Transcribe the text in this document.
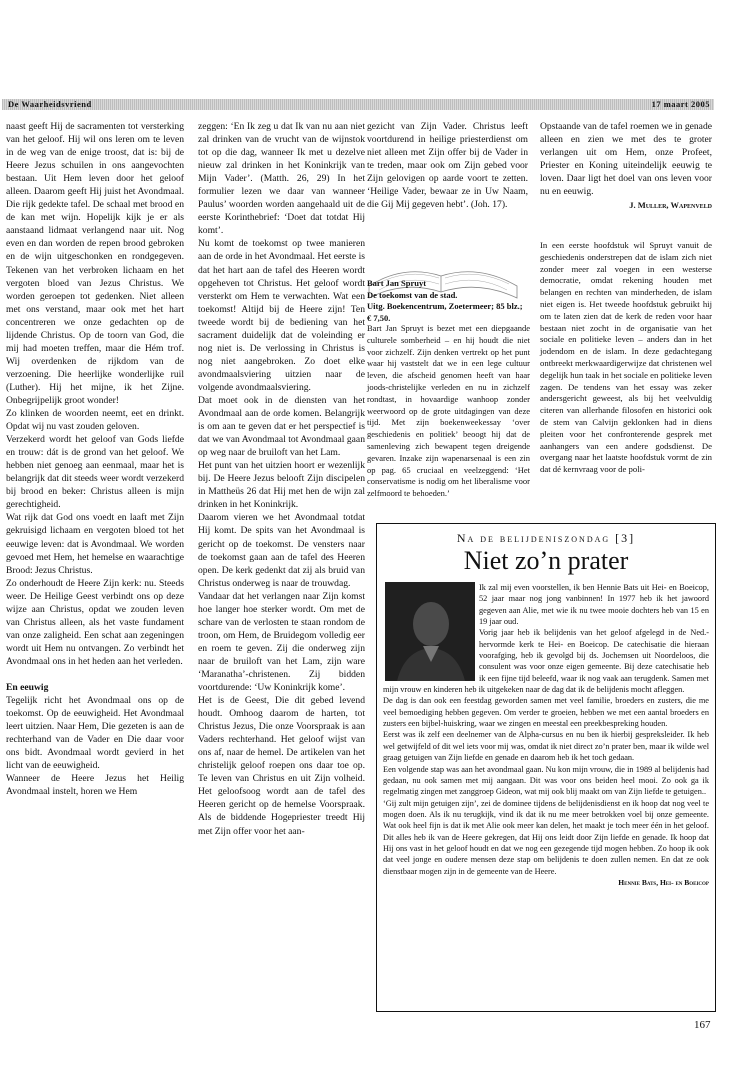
De Waarheidsvriend	17 maart 2005

naast geeft Hij de sacramenten tot versterking van het geloof. Hij wil ons leren om te leven in de weg van de enige troost, dat is: bij de Heere Jezus schuilen in ons aangevochten bestaan. Uit Hem leven door het geloof alleen. Daarom geeft Hij juist het Avondmaal. Die rijk gedekte tafel. De schaal met brood en de kan met wijn. Hopelijk kijk je er als aanstaand lidmaat verlangend naar uit. Nog even en dan worden de repen brood gebroken en de wijn uitgeschonken en rondgegeven. Tekenen van het verbroken lichaam en het vergoten bloed van Jezus Christus. We worden geroepen tot gedenken. Niet alleen met ons verstand, maar ook met het hart concentreren we onze gedachten op de lijdende Christus. Op de toorn van God, die mij had moeten treffen, maar die Hém trof. Wij overdenken de rijkdom van de verzoening. Die heerlijke wonderlijke ruil (Luther). Hij het mijne, ik het Zijne. Onbegrijpelijk groot wonder!

Zo klinken de woorden neemt, eet en drinkt. Opdat wij nu vast zouden geloven.

Verzekerd wordt het geloof van Gods liefde en trouw: dát is de grond van het geloof. We hebben niet genoeg aan eenmaal, maar het is belangrijk dat dit steeds weer wordt verzekerd bij brood en beker: Christus alleen is mijn gerechtigheid.

Wat rijk dat God ons voedt en laaft met Zijn gekruisigd lichaam en vergoten bloed tot het eeuwige leven: dat is Avondmaal. We worden gevoed met Hem, het hemelse en waarachtige Brood: Jezus Christus.

Zo onderhoudt de Heere Zijn kerk: nu. Steeds weer. De Heilige Geest verbindt ons op deze wijze aan Christus, opdat we zouden leven van Christus alleen, als het vaste fundament van onze zaligheid. Een schat aan zegeningen wordt uit Hem nu ontvangen. Zo verbindt het Avondmaal ons in het heden aan het verleden.

En eeuwig

Tegelijk richt het Avondmaal ons op de toekomst. Op de eeuwigheid. Het Avondmaal leert uitzien. Naar Hem, Die gezeten is aan de rechterhand van de Vader en Die daar voor ons bidt. Avondmaal wordt gevierd in het licht van de eeuwigheid.

Wanneer de Heere Jezus het Heilig Avondmaal instelt, horen we Hem

zeggen: ‘En Ik zeg u dat Ik van nu aan niet zal drinken van de vrucht van de wijnstok tot op die dag, wanneer Ik met u dezelve nieuw zal drinken in het Koninkrijk van Mijn Vader’. (Matth. 26, 29) In het formulier lezen we daar van wanneer Paulus’ woorden worden aangehaald uit de eerste Korinthebrief: ‘Doet dat totdat Hij komt’.

Nu komt de toekomst op twee manieren aan de orde in het Avondmaal. Het eerste is dat het hart aan de tafel des Heeren wordt opgeheven tot Christus. Het geloof wordt versterkt om Hem te verwachten. Wat een toekomst! Altijd bij de Heere zijn! Ten tweede wordt bij de bediening van het sacrament duidelijk dat de voleinding er nog niet is. De verlossing in Christus is nog niet aangebroken. Zo doet elke avondmaalsviering uitzien naar de volgende avondmaalsviering.

Dat moet ook in de diensten van het Avondmaal aan de orde komen. Belangrijk is om aan te geven dat er het perspectief is dat we van Avondmaal tot Avondmaal gaan op weg naar de bruiloft van het Lam.

Het punt van het uitzien hoort er wezenlijk bij. De Heere Jezus belooft Zijn discipelen in Mattheüs 26 dat Hij met hen de wijn zal drinken in het Koninkrijk.

Daarom vieren we het Avondmaal totdat Hij komt. De spits van het Avondmaal is gericht op de toekomst. De vensters naar de toekomst gaan aan de tafel des Heeren open. De kerk gedenkt dat zij als bruid van Christus onderweg is naar de trouwdag.

Vandaar dat het verlangen naar Zijn komst hoe langer hoe sterker wordt. Om met de schare van de verlosten te staan rondom de troon, om Hem, de Bruidegom volledig eer en roem te geven. Zij die onderweg zijn naar de bruiloft van het Lam, zijn ware ‘Maranatha’-christenen. Zij bidden voortdurende: ‘Uw Koninkrijk kome’.

Het is de Geest, Die dit gebed levend houdt. Omhoog daarom de harten, tot Christus Jezus, Die onze Voorspraak is aan Vaders rechterhand. Het geloof wijst van ons af, naar de hemel. De artikelen van het christelijk geloof roepen ons daar toe op. Te leven van Christus en uit Zijn volheid. Het geloofsoog wordt aan de tafel des Heeren gericht op de hemelse Voorspraak. Als de biddende Hogepriester treedt Hij met Zijn offer voor het aan-

gezicht van Zijn Vader. Christus leeft voortdurend in heilige priesterdienst om niet alleen met Zijn offer bij de Vader in te treden, maar ook om Zijn gebed voor Zijn gelovigen op aarde voort te zetten. ‘Heilige Vader, bewaar ze in Uw Naam, die Gij Mij gegeven hebt’. (Joh. 17).

Opstaande van de tafel roemen we in genade alleen en zien we met des te groter verlangen uit om Hem, onze Profeet, Priester en Koning uiteindelijk eeuwig te loven. Daar ligt het doel van ons leven voor nu en eeuwig.

J. Muller, Wapenveld

Bart Jan Spruyt

De toekomst van de stad.

Uitg. Boekencentrum, Zoetermeer; 85 blz.;

€ 7,50.

Bart Jan Spruyt is bezet met een diepgaande culturele somberheid – en hij houdt die niet voor zichzelf. Zijn denken vertrekt op het punt waar hij vaststelt dat we in een lege cultuur leven, die afscheid genomen heeft van haar joods-christelijke verleden en nu in zichzelf rondtast, in hovaardige wanhoop zonder weerwoord op de grote uitdagingen van deze tijd. Met zijn boekenweekessay ‘over geschiedenis en politiek’ beoogt hij dat de samenleving zich bewapent tegen dreigende gevaren. Inzake zijn wapenarsenaal is een zin op pag. 65 cruciaal en veelzeggend: ‘Het conservatisme is nodig om het liberalisme voor zelfmoord te behoeden.’

In een eerste hoofdstuk wil Spruyt vanuit de geschiedenis onderstrepen dat de islam zich niet zonder meer zal voegen in een westerse democratie, omdat rekening houden met belangen en rechten van minderheden, de islam niet eigen is. Het tweede hoofdstuk gebruikt hij om te laten zien dat de kerk de reden voor haar bestaan niet zocht in de organisatie van het sociale en politieke leven – anders dan in het jodendom en de islam. In deze gedachtegang ontbreekt merkwaardigerwijze dat christenen wel degelijk hun taak in het sociale en politieke leven zagen. De tendens van het essay was zeker andersgericht geweest, als bij het veelvuldig citeren van allerhande filosofen en historici ook de stem van Calvijn geklonken had in diens pleiten voor het confronterende gesprek met aanhangers van een andere godsdienst. De overgang naar het laatste hoofdstuk vormt de zin dat dé kernvraag voor de poli-

Na de belijdeniszondag [3]
Niet zo’n prater

Ik zal mij even voorstellen, ik ben Hennie Bats uit Hei- en Boeicop, 52 jaar maar nog jong vanbinnen! In 1977 heb ik het jawoord gegeven aan Alie, met wie ik nu twee mooie dochters heb van 15 en 19 jaar oud.

Vorig jaar heb ik belijdenis van het geloof afgelegd in de Ned.-hervormde kerk te Hei- en Boeicop. De catechisatie die hieraan voorafging, heb ik gevolgd bij ds. Jochemsen uit Noordeloos, die consulent was voor onze eigen gemeente. Bij deze catechisatie heb ik een fijne tijd beleefd, waar ik nog vaak aan terugdenk. Samen met mijn vrouw en kinderen heb ik uitgekeken naar de dag dat ik de belijdenis mocht afleggen.

De dag is dan ook een feestdag geworden samen met veel familie, broeders en zusters, die me veel bemoediging hebben gegeven. Om verder te groeien, hebben we met een aantal broeders en zusters een bijbel-huiskring, waar we zingen en meestal een preekbespreking houden.

Eerst was ik zelf een deelnemer van de Alpha-cursus en nu ben ik hierbij gespreksleider. Ik heb wel getwijfeld of dit wel iets voor mij was, omdat ik niet direct zo’n prater ben, maar ik wilde wel graag getuigen van Zijn liefde en genade en daarom heb ik het toch gedaan.

Een volgende stap was aan het avondmaal gaan. Nu kon mijn vrouw, die in 1989 al belijdenis had gedaan, nu ook samen met mij aangaan. Dit was voor ons beiden heel mooi. Zo ook ga ik regelmatig zingen met zanggroep Gideon, wat mij ook blij maakt om van Zijn liefde te getuigen..

‘Gij zult mijn getuigen zijn’, zei de dominee tijdens de belijdenisdienst en ik hoop dat nog veel te mogen doen. Als ik nu terugkijk, vind ik dat ik nu me meer betrokken voel bij onze gemeente. Wat ook heel fijn is dat ik met Alie ook meer kan delen, het maakt je toch meer één in het geloof. Dit alles heb ik van de Heere gekregen, dat Hij ons leidt door Zijn liefde en genade. Ik hoop dat Hij ons vast in het geloof houdt en dat we nog een gezegende tijd mogen hebben. Zo hoop ik ook dat veel jonge en oudere mensen deze stap om belijdenis te doen zullen nemen. En dat ze ook dienstbaar mogen zijn in de gemeente van de Heere.

Hennie Bats, Hei- en Boeicop

167
